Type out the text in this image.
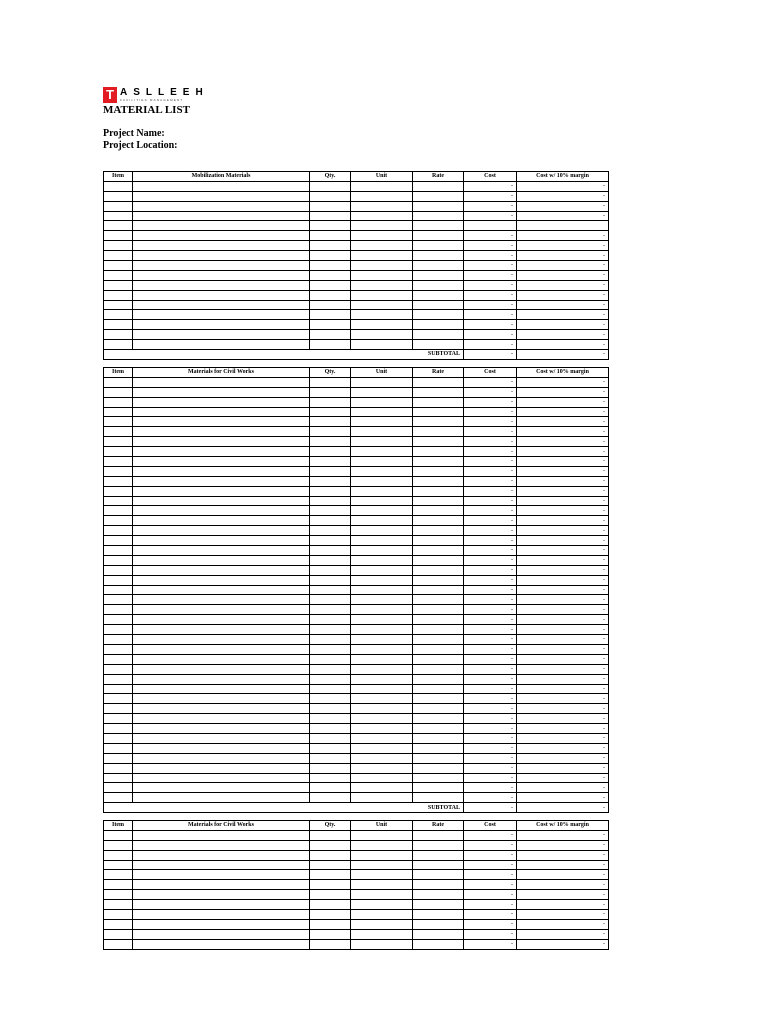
T ASLLEEH
FACILITIES MANAGEMENT
MATERIAL LIST
Project Name:
Project Location:
Item	Mobilization Materials	Qty.	Unit	Rate	Cost	Cost w/ 10% margin
					-	-
					-	-
					-	-
					-	-

					-	-
					-	-
					-	-
					-	-
					-	-
					-	-
					-	-
					-	-
					-	-
					-	-
					-	-
					-	-
SUBTOTAL					-	-
Item	Materials for Civil Works	Qty.	Unit	Rate	Cost	Cost w/ 10% margin
					-	-
					-	-
					-	-
					-	-
					-	-
					-	-
					-	-
					-	-
					-	-
					-	-
					-	-
					-	-
					-	-
					-	-
					-	-
					-	-
					-	-
					-	-
					-	-
					-	-
					-	-
					-	-
					-	-
					-	-
					-	-
					-	-
					-	-
					-	-
					-	-
					-	-
					-	-
					-	-
					-	-
					-	-
					-	-
					-	-
					-	-
					-	-
					-	-
					-	-
					-	-
					-	-
					-	-
SUBTOTAL					-	-
Item	Materials for Civil Works	Qty.	Unit	Rate	Cost	Cost w/ 10% margin
					-	-
					-	-
					-	-
					-	-
					-	-
					-	-
					-	-
					-	-
					-	-
					-	-
					-	-
					-	-
